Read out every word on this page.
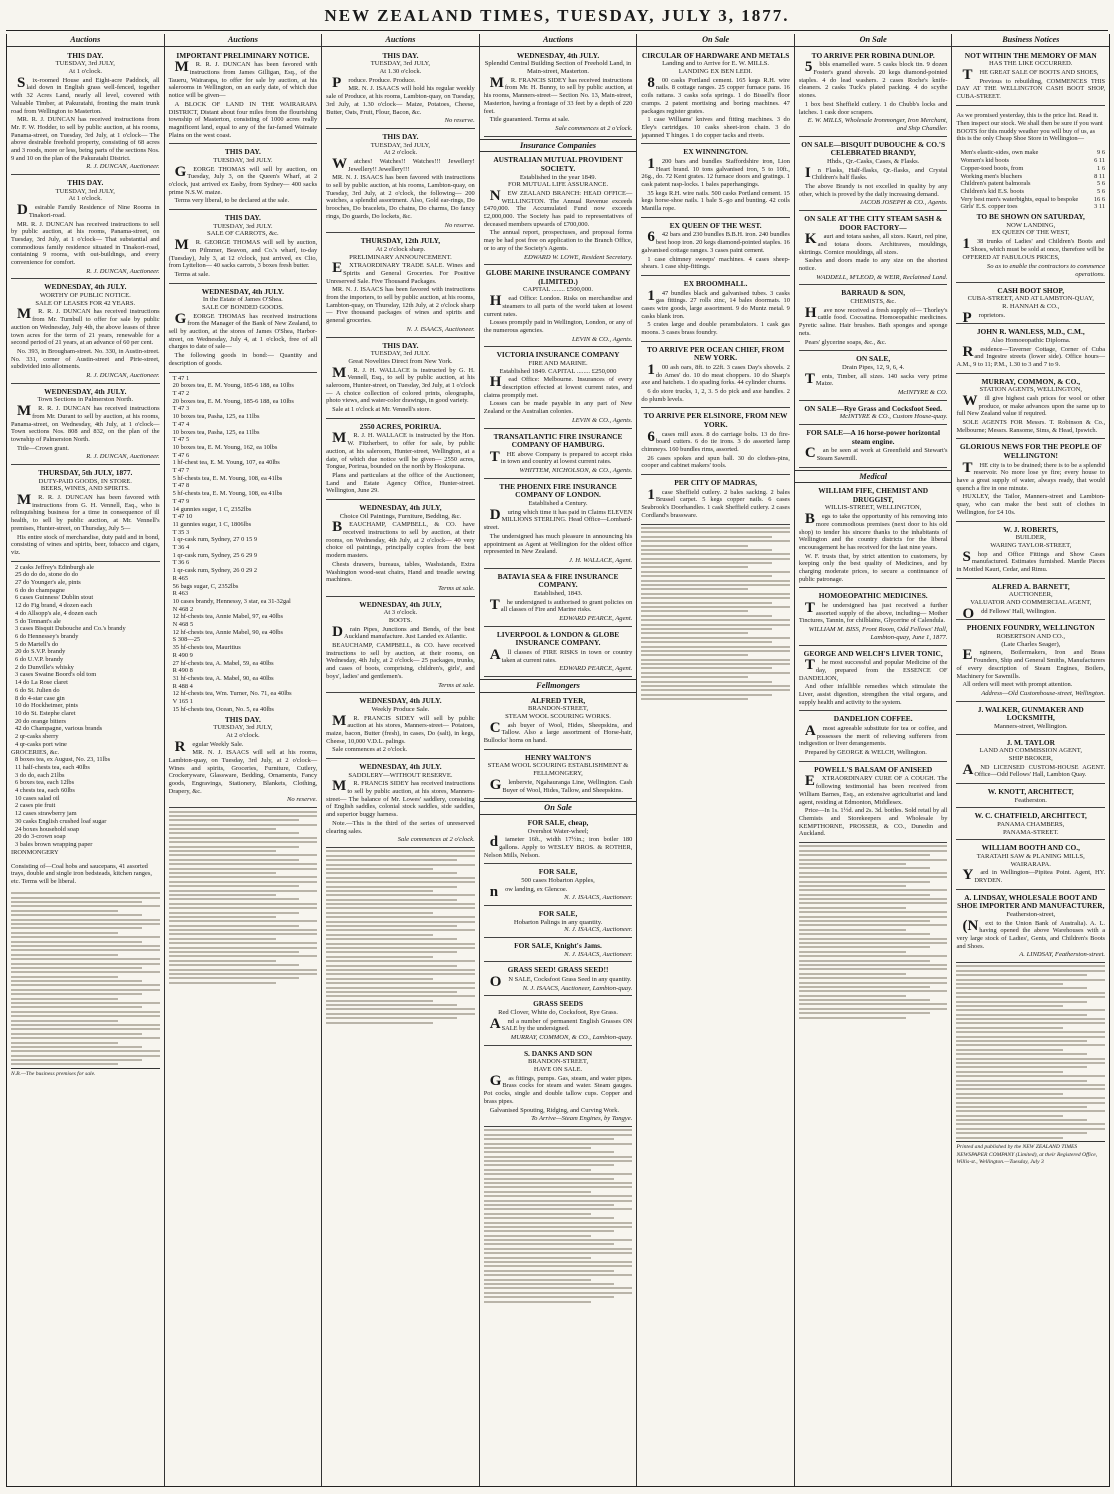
NEW ZEALAND TIMES, TUESDAY, JULY 3, 1877.
Auctions
THIS DAY.
TUESDAY, 3rd JULY,
At 1 o'clock.

Six-roomed House and Eight-acre Paddock, all laid down in English grass well-fenced, together with 32 Acres Land, nearly all level, covered with Valuable Timber, at Pakuratahi, fronting the main trunk road from Wellington to Masterton.

MR. R. J. DUNCAN has received instructions from Mr. F. W. Hodder, to sell by public auction, at his rooms, Panama-street, on Tuesday, 3rd July, at 1 o'clock— The above desirable freehold property, consisting of 68 acres and 3 roods, more or less, being parts of the sections Nos. 9 and 10 on the plan of the Pakuratahi District.

R. J. DUNCAN, Auctioneer.
THIS DAY.
TUESDAY, 3rd JULY,
At 1 o'clock.

Desirable Family Residence of Nine Rooms in Tinakori-road.

MR. R. J. DUNCAN has received instructions to sell by public auction, at his rooms, Panama-street, on Tuesday, 3rd July, at 1 o'clock— That substantial and commodious family residence situated in Tinakori-road, containing 9 rooms, with out-buildings, and every convenience for comfort.

R. J. DUNCAN, Auctioneer.
WEDNESDAY, 4th JULY.
WORTHY OF PUBLIC NOTICE.
SALE OF LEASES FOR 42 YEARS.

MR. R. J. DUNCAN has received instructions from Mr. Turnbull to offer for sale by public auction on Wednesday, July 4th, the above leases of three town acres for the term of 21 years, renewable for a second period of 21 years, at an advance of 60 per cent.

No. 393, in Brougham-street. No. 330, in Austin-street. No. 331, corner of Austin-street and Pirie-street, subdivided into allotments.

R. J. DUNCAN, Auctioneer.
WEDNESDAY, 4th JULY.
Town Sections in Palmerston North.

MR. R. J. DUNCAN has received instructions from Mr. Durant to sell by auction, at his rooms, Panama-street, on Wednesday, 4th July, at 1 o'clock— Town sections Nos. 808 and 832, on the plan of the township of Palmerston North.

Title—Crown grant.

R. J. DUNCAN, Auctioneer.
THURSDAY, 5th JULY, 1877.
DUTY-PAID GOODS, IN STORE.
BEERS, WINES, AND SPIRITS.

MR. R. J. DUNCAN has been favored with instructions from G. H. Vennell, Esq., who is relinquishing business for a time in consequence of ill health, to sell by public auction, at Mr. Vennell's premises, Hunter-street, on Thursday, July 5—

His entire stock of merchandise, duty paid and in bond, consisting of wines and spirits, beer, tobacco and cigars, viz.

2 casks Jeffrey's Edinburgh ale
25 do do do, stone do do
27 do Younger's ale, pints
6 do do champagne
6 cases Guinness' Dublin stout
12 do Fig brand, 4 dozen each
4 do Allsopp's ale, 4 dozen each
5 do Tennant's ale
3 cases Bisquit Dubouche and Co.'s brandy
6 do Hennessey's brandy
5 do Martell's do
20 do S.V.P. brandy
6 do U.V.P. brandy
2 do Dunville's whisky
3 cases Swaine Boord's old tom
14 do La Rose claret
6 do St. Julien do
8 do 4-star case gin
10 do Hockheimer, pints
10 do St. Estephe claret
20 do orange bitters
42 do Champagne, various brands
2 qr-casks sherry
4 qr-casks port wine
GROCERIES, &c.
8 boxes tea, ex August, No. 23, 11lbs
11 half-chests tea, each 40lbs
3 do do, each 21lbs
6 boxes tea, each 12lbs
4 chests tea, each 60lbs
10 cases salad oil
2 cases pie fruit
12 cases strawberry jam
30 casks English crushed loaf sugar
24 boxes household soap
20 do 3-crown soap
3 bales brown wrapping paper
IRONMONGERY

Consisting of—Coal hobs and saucepans, 41 assorted trays, double and single iron bedsteads, kitchen ranges, etc. Terms will be liberal.

N.B.—The business premises for sale.
Auctions
IMPORTANT PRELIMINARY NOTICE.

MR. R. J. DUNCAN has been favored with instructions from James Gilligan, Esq., of the Taueru, Wairarapa, to offer for sale by auction, at his salerooms in Wellington, on an early date, of which due notice will be given—

A BLOCK OF LAND IN THE WAIRARAPA DISTRICT, Distant about four miles from the flourishing township of Masterton, consisting of 1000 acres really magnificent land, equal to any of the far-famed Waimate Plains on the west coast.

THIS DAY.
TUESDAY, 3rd JULY.

GEORGE THOMAS will sell by auction, on Tuesday, July 3, on the Queen's Wharf, at 2 o'clock, just arrived ex Easby, from Sydney— 400 sacks prime N.S.W. maize.

Terms very liberal, to be declared at the sale.

THIS DAY.
TUESDAY, 3rd JULY.
SALE OF CARROTS, &c.

MR. GEORGE THOMAS will sell by auction, on Pilmmer, Beavon, and Co.'s wharf, to-day (Tuesday), July 3, at 12 o'clock, just arrived, ex Clio, from Lyttelton— 40 sacks carrots, 3 boxes fresh butter.

Terms at sale.

WEDNESDAY, 4th JULY.
In the Estate of James O'Shea.
SALE OF BONDED GOODS.

GEORGE THOMAS has received instructions from the Manager of the Bank of New Zealand, to sell by auction, at the stores of James O'Shea, Harbor-street, on Wednesday, July 4, at 1 o'clock, free of all charges to date of sale—

The following goods in bond:— Quantity and description of goods.

T 47 1
20 boxes tea, E. M. Young, 185-6 188, ea 10lbs
T 47 2
20 boxes tea, E. M. Young, 185-6 188, ea 10lbs
T 47 3
10 boxes tea, Pasha, 125, ea 11lbs
T 47 4
10 boxes tea, Pasha, 125, ea 11lbs
T 47 5
10 boxes tea, E. M. Young, 162, ea 10lbs
T 47 6
1 hf-chest tea, E. M. Young, 107, ea 40lbs
T 47 7
5 hf-chests tea, E. M. Young, 108, ea 41lbs
T 47 8
5 hf-chests tea, E. M. Young, 108, ea 41lbs
T 47 9
14 gunnies sugar, 1 C, 2352lbs
T 47 10
11 gunnies sugar, 1 C, 1806lbs
T 35 3
1 qr-cask rum, Sydney, 27 0 15 9
T 36 4
1 qr-cask rum, Sydney, 25 6 29 9
T 36 6
1 qr-cask rum, Sydney, 26 0 29 2
R 465
56 bags sugar, C, 2352lbs
R 463
10 cases brandy, Hennessy, 3 star, ea 31-32gal
N 468 2
12 hf-chests tea, Annie Mabel, 97, ea 40lbs
N 468 5
12 hf-chests tea, Annie Mabel, 90, ea 40lbs
S 308—25
35 hf-chests tea, Mauritius
R 490 9
27 hf-chests tea, A. Mabel, 59, ea 40lbs
R 490 8
31 hf-chests tea, A. Mabel, 90, ea 40lbs
R 488 4
12 hf-chests tea, Wm. Turner, No. 71, ea 40lbs
V 165 1
15 hf-chests tea, Ocean, No. 5, ea 40lbs
THIS DAY.
TUESDAY, 3rd JULY,
At 2 o'clock.

Regular Weekly Sale.

MR. N. J. ISAACS will sell at his rooms, Lambton-quay, on Tuesday, 3rd July, at 2 o'clock— Wines and spirits, Groceries, Furniture, Cutlery, Crockeryware, Glassware, Bedding, Ornaments, Fancy goods, Engravings, Stationery, Blankets, Clothing, Drapery, &c.

No reserve.
Auctions
THIS DAY.
TUESDAY, 3rd JULY,
At 1.30 o'clock.

Produce. Produce. Produce.

MR. N. J. ISAACS will hold his regular weekly sale of Produce, at his rooms, Lambton-quay, on Tuesday, 3rd July, at 1.30 o'clock— Maize, Potatoes, Cheese, Butter, Oats, Fruit, Flour, Bacon, &c.

No reserve.
THIS DAY.
TUESDAY, 3rd JULY,
At 2 o'clock.

Watches! Watches!! Watches!!! Jewellery! Jewellery!! Jewellery!!!

MR. N. J. ISAACS has been favored with instructions to sell by public auction, at his rooms, Lambton-quay, on Tuesday, 3rd July, at 2 o'clock, the following— 200 watches, a splendid assortment. Also, Gold ear-rings, Do brooches, Do bracelets, Do chains, Do charms, Do fancy rings, Do guards, Do lockets, &c.

No reserve.
THURSDAY, 12th JULY,
At 2 o'clock sharp.
PRELIMINARY ANNOUNCEMENT.

EXTRAORDINARY TRADE SALE. Wines and Spirits and General Groceries. For Positive Unreserved Sale. Five Thousand Packages.

MR. N. J. ISAACS has been favored with instructions from the importers, to sell by public auction, at his rooms, Lambton-quay, on Thursday, 12th July, at 2 o'clock sharp— Five thousand packages of wines and spirits and general groceries.

N. J. ISAACS, Auctioneer.
THIS DAY.
TUESDAY, 3rd JULY.
Great Novelties Direct from New York.

MR. J. H. WALLACE is instructed by G. H. Vennell, Esq., to sell by public auction, at his saleroom, Hunter-street, on Tuesday, 3rd July, at 1 o'clock— A choice collection of colored prints, oleographs, photo views, and water-color drawings, in good variety.

Sale at 1 o'clock at Mr. Vennell's store.

2550 ACRES, PORIRUA.

MR. J. H. WALLACE is instructed by the Hon. W. Fitzherbert, to offer for sale, by public auction, at his saleroom, Hunter-street, Wellington, at a date, of which due notice will be given— 2550 acres, Tongue, Porirua, bounded on the north by Hoskopuna.

Plans and particulars at the office of the Auctioneer, Land and Estate Agency Office, Hunter-street. Wellington, June 29.

WEDNESDAY, 4th JULY,
Choice Oil Paintings, Furniture, Bedding, &c.

BEAUCHAMP, CAMPBELL, & CO. have received instructions to sell by auction, at their rooms, on Wednesday, 4th July, at 2 o'clock— 40 very choice oil paintings, principally copies from the best modern masters.

Chests drawers, bureaus, tables, Washstands, Extra Washington wood-seat chairs, Hand and treadle sewing machines.

Terms at sale.
WEDNESDAY, 4th JULY,
At 3 o'clock.
BOOTS.

Drain Pipes, Junctions and Bends, of the best Auckland manufacture. Just Landed ex Atlantic.

BEAUCHAMP, CAMPBELL, & CO. have received instructions to sell by auction, at their rooms, on Wednesday, 4th July, at 2 o'clock— 25 packages, trunks, and cases of boots, comprising, children's, girls', and boys', ladies' and gentlemen's.

Terms at sale.
WEDNESDAY, 4th JULY.
Weekly Produce Sale.

MR. FRANCIS SIDEY will sell by public auction at his stores, Manners-street— Potatoes, maize, bacon, Butter (fresh), in cases, Do (salt), in kegs, Cheese, 10,000 V.D.L. palings.

Sale commences at 2 o'clock.

WEDNESDAY, 4th JULY.
SADDLERY—WITHOUT RESERVE.

MR. FRANCIS SIDEY has received instructions to sell by public auction, at his stores, Manners-street— The balance of Mr. Lowes' saddlery, consisting of English saddles, colonial stock saddles, side saddles, and superior buggy harness.

Note.—This is the third of the series of unreserved clearing sales.

Sale commences at 2 o'clock.
Auctions
WEDNESDAY, 4th JULY.
Splendid Central Building Section of Freehold Land, in Main-street, Masterton.

MR. FRANCIS SIDEY has received instructions from Mr. H. Bunny, to sell by public auction, at his rooms, Manners-street— Section No. 13, Main-street, Masterton, having a frontage of 33 feet by a depth of 220 feet.

Title guaranteed. Terms at sale.

Sale commences at 2 o'clock.
Insurance Companies
AUSTRALIAN MUTUAL PROVIDENT SOCIETY.
Established in the year 1849.
FOR MUTUAL LIFE ASSURANCE.

NEW ZEALAND BRANCH: HEAD OFFICE—WELLINGTON. The Annual Revenue exceeds £470,000. The Accumulated Fund now exceeds £2,000,000. The Society has paid to representatives of deceased members upwards of £700,000.

The annual report, prospectuses, and proposal forms may be had post free on application to the Branch Office, or to any of the Society's Agents.

EDWARD W. LOWE, Resident Secretary.
GLOBE MARINE INSURANCE COMPANY (LIMITED.)
CAPITAL ........ £500,000.

Head Office: London. Risks on merchandise and steamers to all parts of the world taken at lowest current rates.

Losses promptly paid in Wellington, London, or any of the numerous agencies.

LEVIN & CO., Agents.
VICTORIA INSURANCE COMPANY
FIRE AND MARINE.
Established 1849. CAPITAL ........ £250,000

Head Office: Melbourne. Insurances of every description effected at lowest current rates, and claims promptly met.

Losses can be made payable in any part of New Zealand or the Australian colonies.

LEVIN & CO., Agents.
TRANSATLANTIC FIRE INSURANCE COMPANY OF HAMBURG.

THE above Company is prepared to accept risks in town and country at lowest current rates.

WHITTEM, NICHOLSON, & CO., Agents.
THE PHOENIX FIRE INSURANCE COMPANY OF LONDON.
Established a Century.

During which time it has paid in Claims ELEVEN MILLIONS STERLING. Head Office—Lombard-street.

The undersigned has much pleasure in announcing his appointment as Agent at Wellington for the oldest office represented in New Zealand.

J. H. WALLACE, Agent.
BATAVIA SEA & FIRE INSURANCE COMPANY.
Established, 1843.

The undersigned is authorised to grant policies on all classes of Fire and Marine risks.

EDWARD PEARCE, Agent.
LIVERPOOL & LONDON & GLOBE INSURANCE COMPANY.

All classes of FIRE RISKS in town or country taken at current rates.

EDWARD PEARCE, Agent.
Fellmongers
ALFRED TYER,
BRANDON-STREET,
STEAM WOOL SCOURING WORKS.

Cash buyer of Wool, Hides, Sheepskins, and Tallow. Also a large assortment of Horse-hair, Bullocks' horns on hand.

HENRY WALTON'S
STEAM WOOL SCOURING ESTABLISHMENT & FELLMONGERY,

Glenbervie, Ngahauranga Line, Wellington. Cash Buyer of Wool, Hides, Tallow, and Sheepskins.

On Sale
FOR SALE, cheap,
Overshot Water-wheel;

diameter 16ft., width 17½in.; iron boiler 180 gallons. Apply to WESLEY BROS. & ROTHER, Nelson Mills, Nelson.

FOR SALE,
500 cases Hobarton Apples,

now landing, ex Glencoe.

N. J. ISAACS, Auctioneer.
FOR SALE,
Hobarton Palings in any quantity.
N. J. ISAACS, Auctioneer.
FOR SALE, Knight's Jams.
N. J. ISAACS, Auctioneer.
GRASS SEED! GRASS SEED!!

ON SALE, Cocksfoot Grass Seed in any quantity.

N. J. ISAACS, Auctioneer, Lambton-quay.
GRASS SEEDS
Red Clover, White do, Cocksfoot, Rye Grass.

And a number of permanent English Grasses ON SALE by the undersigned.

MURRAY, COMMON, & CO., Lambton-quay.
S. DANKS AND SON
BRANDON-STREET,
HAVE ON SALE.

Gas fittings, pumps. Gas, steam, and water pipes. Brass cocks for steam and water. Steam gauges. Pot cocks, single and double tallow cups. Copper and brass pipes.

Galvanised Spouting, Ridging, and Curving Work.

To Arrive—Steam Engines, by Tangye.
On Sale
CIRCULAR OF HARDWARE AND METALS
Landing and to Arrive for E. W. MILLS.
LANDING EX BEN LEDI.

800 casks Portland cement. 165 kegs R.H. wire nails. 8 cottage ranges. 25 copper furnace pans. 16 coils rattans. 3 casks sofa springs. 1 do Bissell's floor cramps. 2 patent mortising and boring machines. 47 packages register grates.

1 case Williams' knives and fitting machines. 3 do Eley's cartridges. 10 casks sheet-iron chain. 3 do japanned T hinges. 1 do copper tacks and rivets.

EX WINNINGTON.

1200 bars and bundles Staffordshire iron, Lion Heart brand. 10 tons galvanised iron, 5 to 10ft., 26g., do. 72 Kent grates. 12 furnace doors and gratings. 1 cask patent rasp-locks. 1 bales paperhangings.

35 kegs R.H. wire nails. 500 casks Portland cement. 15 kegs horse-shoe nails. 1 bale S.-go and bunting. 42 coils Manilla rope.

EX QUEEN OF THE WEST.

642 bars and 230 bundles B.B.H. iron. 240 bundles best hoop iron. 20 kegs diamond-pointed staples. 16 galvanised cottage ranges. 3 cases paint cement.

1 case chimney sweeps' machines. 4 cases sheep-shears. 1 case ship-fittings.

EX BROOMHALL.

147 bundles black and galvanised tubes. 3 casks gas fittings. 27 rolls zinc, 14 bales doormats. 10 cases wire goods, large assortment. 9 do Muntz metal. 9 casks blank iron.

5 crates large and double perambulators. 1 cask gas moons. 3 cases brass foundry.

TO ARRIVE PER OCEAN CHIEF, FROM NEW YORK.

100 ash oars, 8ft. to 22ft. 3 cases Day's shovels. 2 do Ames' do. 10 do meat choppers. 10 do Sharp's axe and hatchets. 1 do spading forks. 44 cylinder churns.

6 do store trucks, 1, 2, 3. 5 do pick and axe handles. 2 do plumb levels.

TO ARRIVE PER ELSINORE, FROM NEW YORK.

6cases mill axes. 8 do carriage bolts. 13 do fire-board cutters. 6 do tie irons. 3 do assorted lamp chimneys. 160 bundles rims, assorted.

26 cases spokes and spun ball. 30 do clothes-pins, cooper and cabinet makers' tools.

PER CITY OF MADRAS,

1case Sheffield cutlery. 2 bales sacking. 2 bales Brussel carpet. 5 kegs copper nails. 6 cases Seabrook's Doorhandles. 1 cask Sheffield cutlery. 2 cases Cordland's brassware.

On Sale
TO ARRIVE PER ROBINA DUNLOP.

5bbls enamelled ware. 5 casks block tin. 9 dozen Foster's grand shovels. 20 kegs diamond-pointed staples. 4 do lead washers. 2 cases Roche's knife-cleaners. 2 casks Tuck's plated packing. 4 do scythe stones.

1 box best Sheffield cutlery. 1 do Chubb's locks and latches. 1 cask door scrapers.

E. W. MILLS, Wholesale Ironmonger, Iron Merchant, and Ship Chandler.
ON SALE—BISQUIT DUBOUCHE & CO.'S CELEBRATED BRANDY,
Hhds., Qr.-Casks, Cases, & Flasks.

In Flasks, Half-flasks, Qr.-flasks, and Crystal Children's half flasks.

The above Brandy is not excelled in quality by any other, which is proved by the daily increasing demand.

JACOB JOSEPH & CO., Agents.
ON SALE AT THE CITY STEAM SASH & DOOR FACTORY—

Kauri and totara sashes, all sizes. Kauri, red pine, and totara doors. Architraves, mouldings, skirtings. Cornice mouldings, all sizes.

Sashes and doors made to any size on the shortest notice.

WADDELL, M'LEOD, & WEIR, Reclaimed Land.
BARRAUD & SON,
CHEMISTS, &c.

Have now received a fresh supply of— Thorley's cattle food. Cocoatina. Homoeopathic medicines. Pyretic saline. Hair brushes. Bath sponges and sponge nets.

Pears' glycerine soaps, &c., &c.

ON SALE,
Drain Pipes, 12, 9, 6, 4.

Tents, Timber, all sizes. 140 sacks very prime Maize.

McINTYRE & CO.
ON SALE—Rye Grass and Cocksfoot Seed.
McINTYRE & CO., Custom House-quay.
FOR SALE—A 16 horse-power horizontal steam engine.

Can be seen at work at Greenfield and Stewart's Steam Sawmill.

Medical
WILLIAM FIFE, CHEMIST AND DRUGGIST,
WILLIS-STREET, WELLINGTON,

Begs to take the opportunity of his removing into more commodious premises (next door to his old shop) to tender his sincere thanks to the inhabitants of Wellington and the country districts for the liberal encouragement he has received for the last nine years.

W. F. trusts that, by strict attention to customers, by keeping only the best quality of Medicines, and by charging moderate prices, to secure a continuance of public patronage.

HOMOEOPATHIC MEDICINES.

The undersigned has just received a further assorted supply of the above, including— Mother Tinctures, Tannin, for chilblains, Glycerine of Calendula.

WILLIAM M. BISS, Front Room, Odd Fellows' Hall, Lambton-quay, June 1, 1877.
GEORGE AND WELCH'S LIVER TONIC,

The most successful and popular Medicine of the day, prepared from the ESSENCE OF DANDELION,

And other infallible remedies which stimulate the Liver, assist digestion, strengthen the vital organs, and supply health and activity to the system.

DANDELION COFFEE.

Amost agreeable substitute for tea or coffee, and possesses the merit of relieving sufferers from indigestion or liver derangements.

Prepared by GEORGE & WELCH, Wellington.

POWELL'S BALSAM OF ANISEED

EXTRAORDINARY CURE OF A COUGH. The following testimonial has been received from William Barnes, Esq., an extensive agriculturist and land agent, residing at Edmonton, Middlesex.

Price—In 1s. 1½d. and 2s. 3d. bottles. Sold retail by all Chemists and Storekeepers and Wholesale by KEMPTHORNE, PROSSER, & CO., Dunedin and Auckland.

Business Notices
NOT WITHIN THE MEMORY OF MAN
HAS THE LIKE OCCURRED.

THE GREAT SALE OF BOOTS AND SHOES,

Previous to rebuilding, COMMENCES THIS DAY AT THE WELLINGTON CASH BOOT SHOP, CUBA-STREET.

As we promised yesterday, this is the price list. Read it. Then inspect our stock. We shall then be sure if you want BOOTS for this muddy weather you will buy of us, as this is the only Cheap Shoe Store in Wellington—

Men's elastic-sides, own make	9 6
Women's kid boots	6 11
Copper-toed boots, from	1 6
Working men's bluchers	8 11
Children's patent balmorals	5 6
Children's kid E.S. boots	5 6
Very best men's waterbights, equal to bespoke 16 6
Girls' E.S. copper toes	3 11
TO BE SHOWN ON SATURDAY,
NOW LANDING,
EX QUEEN OF THE WEST,

138 trunks of Ladies' and Children's Boots and Shoes, which must be sold at once, therefore will be

OFFERED AT FABULOUS PRICES,

So as to enable the contractors to commence operations.
CASH BOOT SHOP,
CUBA-STREET, AND AT LAMBTON-QUAY,
R. HANNAH & CO.,

Proprietors.

JOHN R. WANLESS, M.D., C.M.,
Also Homoeopathic Diploma.

Residence—Taverner Cottage, Corner of Cuba and Ingestre streets (lower side). Office hours—A.M., 9 to 11; P.M., 1.30 to 3 and 7 to 9.

MURRAY, COMMON, & CO.,
STATION AGENTS, WELLINGTON,

Will give highest cash prices for wool or other produce, or make advances upon the same up to full New Zealand value if required.

SOLE AGENTS FOR Messrs. T. Robinson & Co., Melbourne; Messrs. Ransome, Sims, & Head, Ipswich.

GLORIOUS NEWS FOR THE PEOPLE OF WELLINGTON!

THE city is to be drained; there is to be a splendid reservoir. No more lose ye fire; every house to have a great supply of water, always ready, that would quench a fire in one minute.

HUXLEY, the Tailor, Manners-street and Lambton-quay, who can make the best suit of clothes in Wellington, for £4 10s.

W. J. ROBERTS,
BUILDER,
WARING TAYLOR-STREET,

Shop and Office Fittings and Show Cases manufactured. Estimates furnished. Mantle Pieces in Mottled Kauri, Cedar, and Rimu.

ALFRED A. BARNETT,
AUCTIONEER,
VALUATOR AND COMMERCIAL AGENT,

Odd Fellows' Hall, Wellington.

PHOENIX FOUNDRY, WELLINGTON
ROBERTSON AND CO.,
(Late Charles Seager),

Engineers, Boilermakers, Iron and Brass Founders, Ship and General Smiths, Manufacturers of every description of Steam Engines, Boilers, Machinery for Sawmills.

All orders will meet with prompt attention.

Address—Old Customhouse-street, Wellington.
J. WALKER, GUNMAKER AND LOCKSMITH,
Manners-street, Wellington.
J. M. TAYLOR
LAND AND COMMISSION AGENT,
SHIP BROKER,

AND LICENSED CUSTOM-HOUSE AGENT. Office—Odd Fellows' Hall, Lambton Quay.

W. KNOTT, ARCHITECT,
Featherston.
W. C. CHATFIELD, ARCHITECT,
PANAMA CHAMBERS,
PANAMA-STREET.
WILLIAM BOOTH AND CO.,
TARATAHI SAW & PLANING MILLS,
WAIRARAPA.

Yard in Wellington—Pipitea Point. Agent, HY. DRYDEN.

A. LINDSAY, WHOLESALE BOOT AND SHOE IMPORTER AND MANUFACTURER,
Featherston-street,

(Next to the Union Bank of Australia). A. L. having opened the above Warehouses with a very large stock of Ladies', Gents, and Children's Boots and Shoes.

A. LINDSAY, Featherston-street.
Printed and published by the NEW ZEALAND TIMES NEWSPAPER COMPANY (Limited), at their Registered Office, Willis-st., Wellington.—Tuesday, July 3
